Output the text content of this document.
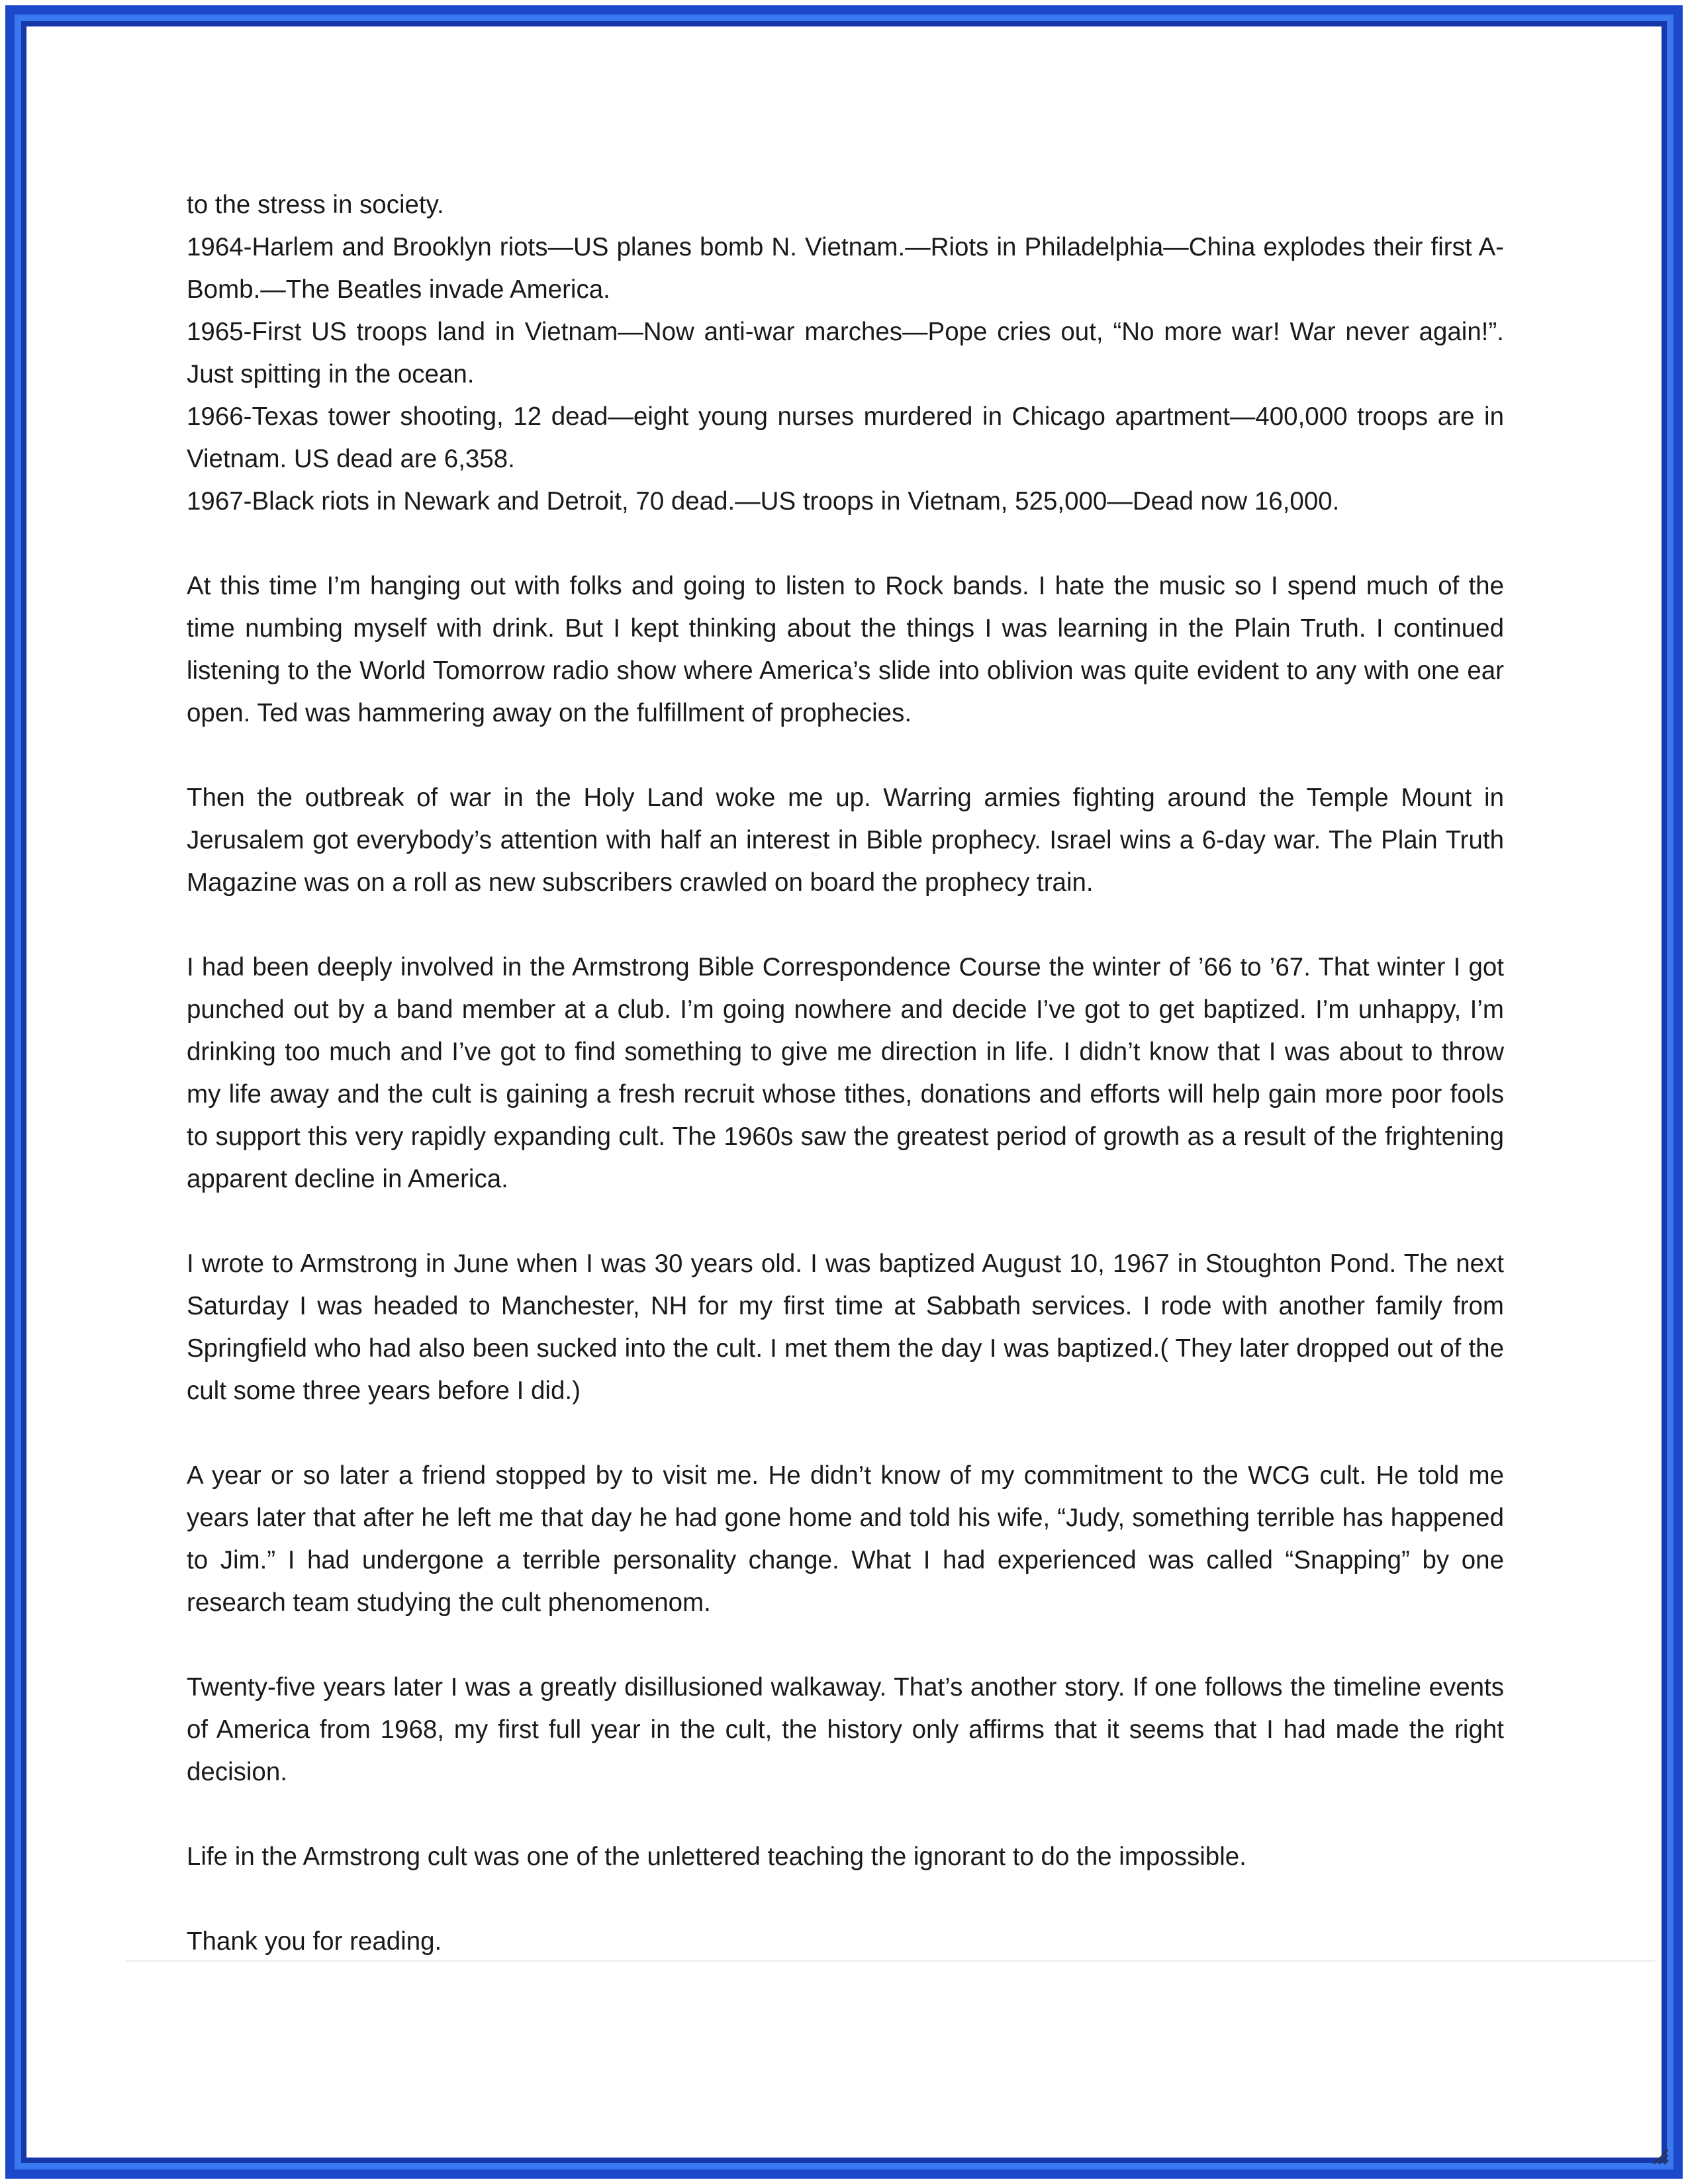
to the stress in society.

1964-Harlem and Brooklyn riots—US planes bomb N. Vietnam.—Riots in Philadelphia—China explodes their first A-Bomb.—The Beatles invade America.

1965-First US troops land in Vietnam—Now anti-war marches—Pope cries out, “No more war! War never again!”. Just spitting in the ocean.

1966-Texas tower shooting, 12 dead—eight young nurses murdered in Chicago apartment—400,000 troops are in Vietnam. US dead are 6,358.

1967-Black riots in Newark and Detroit, 70 dead.—US troops in Vietnam, 525,000—Dead now 16,000.

At this time I’m hanging out with folks and going to listen to Rock bands. I hate the music so I spend much of the time numbing myself with drink. But I kept thinking about the things I was learning in the Plain Truth. I continued listening to the World Tomorrow radio show where America’s slide into oblivion was quite evident to any with one ear open. Ted was hammering away on the fulfillment of prophecies.

Then the outbreak of war in the Holy Land woke me up. Warring armies fighting around the Temple Mount in Jerusalem got everybody’s attention with half an interest in Bible prophecy. Israel wins a 6-day war. The Plain Truth Magazine was on a roll as new subscribers crawled on board the prophecy train.

I had been deeply involved in the Armstrong Bible Correspondence Course the winter of ’66 to ’67. That winter I got punched out by a band member at a club. I’m going nowhere and decide I’ve got to get baptized. I’m unhappy, I’m drinking too much and I’ve got to find something to give me direction in life. I didn’t know that I was about to throw my life away and the cult is gaining a fresh recruit whose tithes, donations and efforts will help gain more poor fools to support this very rapidly expanding cult. The 1960s saw the greatest period of growth as a result of the frightening apparent decline in America.

I wrote to Armstrong in June when I was 30 years old. I was baptized August 10, 1967 in Stoughton Pond. The next Saturday I was headed to Manchester, NH for my first time at Sabbath services. I rode with another family from Springfield who had also been sucked into the cult. I met them the day I was baptized.( They later dropped out of the cult some three years before I did.)

A year or so later a friend stopped by to visit me. He didn’t know of my commitment to the WCG cult. He told me years later that after he left me that day he had gone home and told his wife, “Judy, something terrible has happened to Jim.” I had undergone a terrible personality change. What I had experienced was called “Snapping” by one research team studying the cult phenomenom.

Twenty-five years later I was a greatly disillusioned walkaway. That’s another story. If one follows the timeline events of America from 1968, my first full year in the cult, the history only affirms that it seems that I had made the right decision.

Life in the Armstrong cult was one of the unlettered teaching the ignorant to do the impossible.

Thank you for reading.
